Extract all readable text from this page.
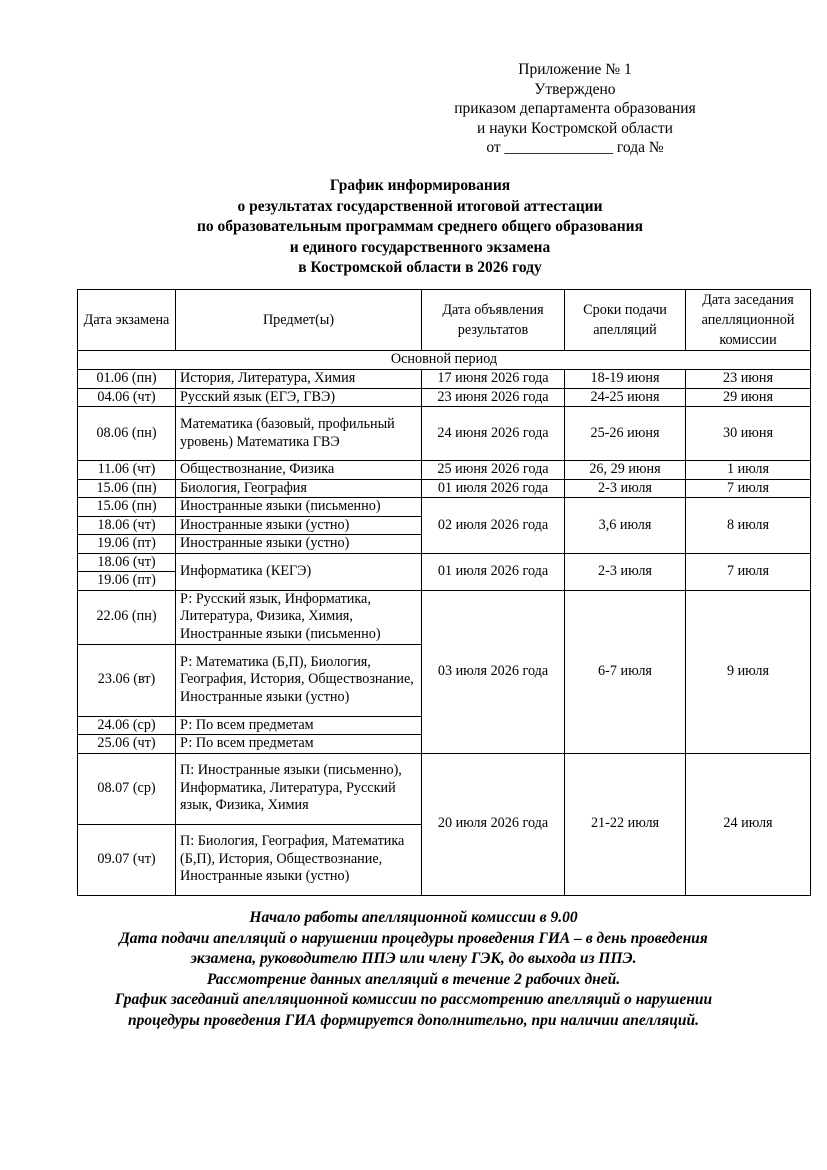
Приложение № 1
Утверждено
приказом департамента образования
и науки Костромской области
от ______________ года №
График информирования
о результатах государственной итоговой аттестации
по образовательным программам среднего общего образования
и единого государственного экзамена
в Костромской области в 2026 году
Дата экзамена	Предмет(ы)	Дата объявления результатов	Сроки подачи апелляций	Дата заседания апелляционной комиссии
Основной период				
01.06 (пн)	История, Литература, Химия	17 июня 2026 года	18-19 июня	23 июня
04.06 (чт)	Русский язык (ЕГЭ, ГВЭ)	23 июня 2026 года	24-25 июня	29 июня
08.06 (пн)	Математика (базовый, профильный уровень) Математика ГВЭ	24 июня 2026 года	25-26 июня	30 июня
11.06 (чт)	Обществознание, Физика	25 июня 2026 года	26, 29 июня	1 июля
15.06 (пн)	Биология, География	01 июля 2026 года	2-3 июля	7 июля
15.06 (пн)	Иностранные языки (письменно)	02 июля 2026 года	3,6 июля	8 июля
18.06 (чт)	Иностранные языки (устно)			
19.06 (пт)	Иностранные языки (устно)			
18.06 (чт)	Информатика (КЕГЭ)	01 июля 2026 года	2-3 июля	7 июля
19.06 (пт)				
22.06 (пн)	Р: Русский язык, Информатика, Литература, Физика, Химия, Иностранные языки (письменно)	03 июля 2026 года	6-7 июля	9 июля
23.06 (вт)	Р: Математика (Б,П), Биология, География, История, Обществознание, Иностранные языки (устно)			
24.06 (ср)	Р: По всем предметам			
25.06 (чт)	Р: По всем предметам			
08.07 (ср)	П: Иностранные языки (письменно), Информатика, Литература, Русский язык, Физика, Химия	20 июля 2026 года	21-22 июля	24 июля
09.07 (чт)	П: Биология, География, Математика (Б,П), История, Обществознание, Иностранные языки (устно)			
Начало работы апелляционной комиссии в 9.00
Дата подачи апелляций о нарушении процедуры проведения ГИА – в день проведения
экзамена, руководителю ППЭ или члену ГЭК, до выхода из ППЭ.
Рассмотрение данных апелляций в течение 2 рабочих дней.
График заседаний апелляционной комиссии по рассмотрению апелляций о нарушении
процедуры проведения ГИА формируется дополнительно, при наличии апелляций.
